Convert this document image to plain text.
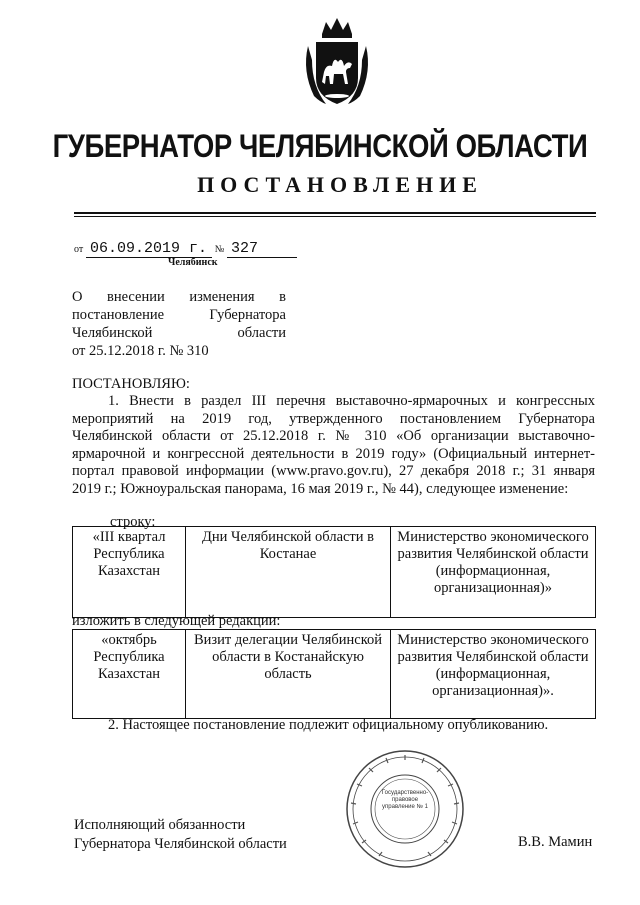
ГУБЕРНАТОР ЧЕЛЯБИНСКОЙ ОБЛАСТИ
ПОСТАНОВЛЕНИЕ
от 06.09.2019 г. № 327
Челябинск
О внесении изменения в
постановление Губернатора
Челябинской области
от 25.12.2018 г. № 310
ПОСТАНОВЛЯЮ:
1. Внести в раздел III перечня выставочно-ярмарочных и конгрессных мероприятий на 2019 год, утвержденного постановлением Губернатора Челябинской области от 25.12.2018 г. № 310 «Об организации выставочно-ярмарочной и конгрессной деятельности в 2019 году» (Официальный интернет-портал правовой информации (www.pravo.gov.ru), 27 декабря 2018 г.; 31 января 2019 г.; Южноуральская панорама, 16 мая 2019 г., № 44), следующее изменение:
строку:
«III квартал Республика Казахстан	Дни Челябинской области в Костанае	Министерство экономического развития Челябинской области (информационная, организационная)»
изложить в следующей редакции:
«октябрь Республика Казахстан	Визит делегации Челябинской области в Костанайскую область	Министерство экономического развития Челябинской области (информационная, организационная)».
2. Настоящее постановление подлежит официальному опубликованию.
Государственно-правовое управление № 1
Исполняющий обязанности
Губернатора Челябинской области	В.В. Мамин
